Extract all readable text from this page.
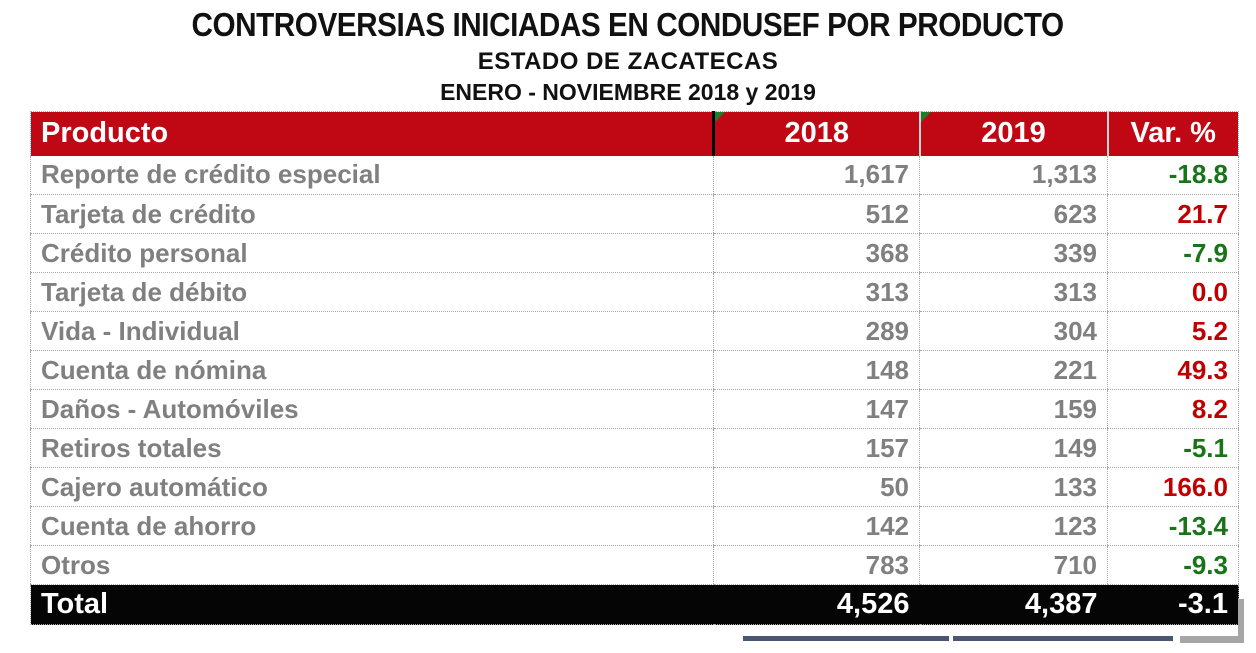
CONTROVERSIAS INICIADAS EN CONDUSEF POR PRODUCTO
ESTADO DE ZACATECAS
ENERO - NOVIEMBRE 2018 y 2019
Producto	2018	2019	Var. %
Reporte de crédito especial	1,617	1,313	-18.8
Tarjeta de crédito	512	623	21.7
Crédito personal	368	339	-7.9
Tarjeta de débito	313	313	0.0
Vida - Individual	289	304	5.2
Cuenta de nómina	148	221	49.3
Daños - Automóviles	147	159	8.2
Retiros totales	157	149	-5.1
Cajero automático	50	133	166.0
Cuenta de ahorro	142	123	-13.4
Otros	783	710	-9.3
Total	4,526	4,387	-3.1
